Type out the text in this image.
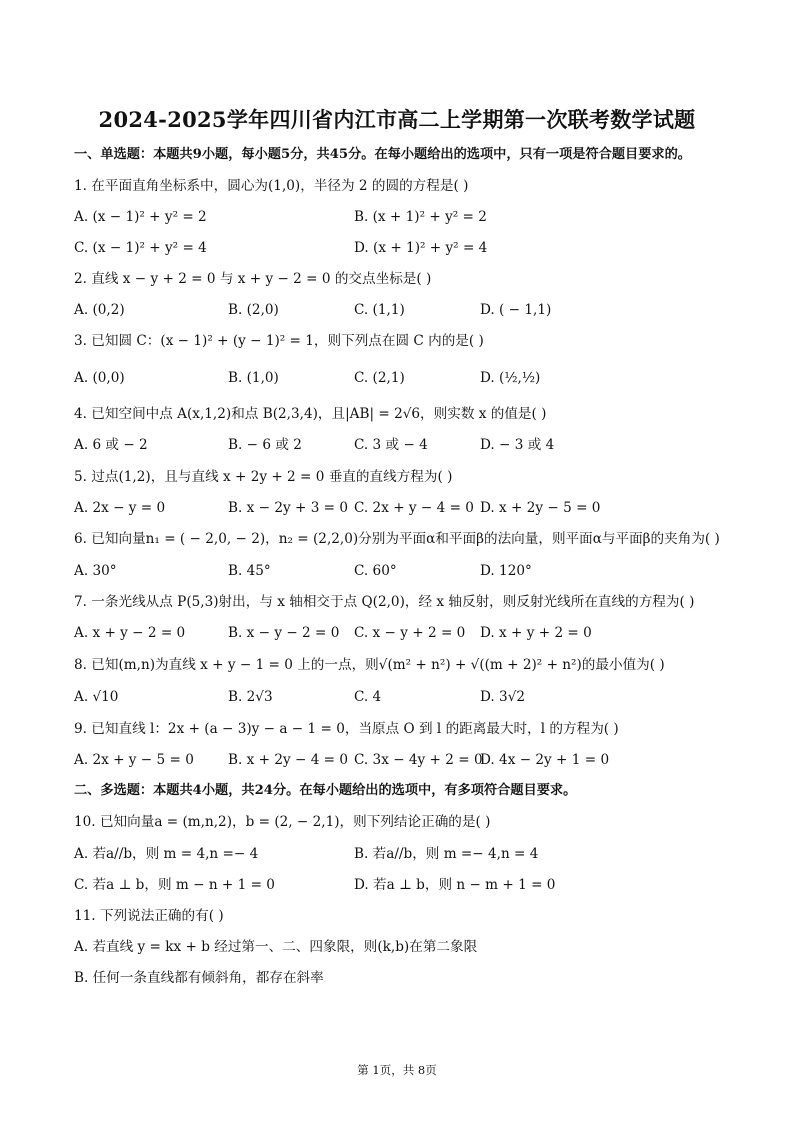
2024-2025学年四川省内江市高二上学期第一次联考数学试题
一、单选题：本题共9小题，每小题5分，共45分。在每小题给出的选项中，只有一项是符合题目要求的。
1. 在平面直角坐标系中，圆心为(1,0)，半径为 2 的圆的方程是( )
A. (x − 1)² + y² = 2	B. (x + 1)² + y² = 2
C. (x − 1)² + y² = 4	D. (x + 1)² + y² = 4
2. 直线 x − y + 2 = 0 与 x + y − 2 = 0 的交点坐标是( )
A. (0,2)	B. (2,0)	C. (1,1)	D. ( − 1,1)
3. 已知圆 C：(x − 1)² + (y − 1)² = 1，则下列点在圆 C 内的是( )
A. (0,0)	B. (1,0)	C. (2,1)	D. (½,½)
4. 已知空间中点 A(x,1,2)和点 B(2,3,4)，且|AB| = 2√6，则实数 x 的值是( )
A. 6 或 − 2	B. − 6 或 2	C. 3 或 − 4	D. − 3 或 4
5. 过点(1,2)，且与直线 x + 2y + 2 = 0 垂直的直线方程为( )
A. 2x − y = 0	B. x − 2y + 3 = 0 C. 2x + y − 4 = 0 D. x + 2y − 5 = 0
6. 已知向量n₁ = ( − 2,0, − 2)，n₂ = (2,2,0)分别为平面α和平面β的法向量，则平面α与平面β的夹角为( )
A. 30°	B. 45°	C. 60°	D. 120°
7. 一条光线从点 P(5,3)射出，与 x 轴相交于点 Q(2,0)，经 x 轴反射，则反射光线所在直线的方程为( )
A. x + y − 2 = 0	B. x − y − 2 = 0 C. x − y + 2 = 0 D. x + y + 2 = 0
8. 已知(m,n)为直线 x + y − 1 = 0 上的一点，则√(m² + n²) + √((m + 2)² + n²)的最小值为( )
A. √10	B. 2√3	C. 4	D. 3√2
9. 已知直线 l：2x + (a − 3)y − a − 1 = 0，当原点 O 到 l 的距离最大时，l 的方程为( )
A. 2x + y − 5 = 0	B. x + 2y − 4 = 0 C. 3x − 4y + 2 = 0
D. 4x − 2y + 1 = 0
二、多选题：本题共4小题，共24分。在每小题给出的选项中，有多项符合题目要求。
10. 已知向量a = (m,n,2)，b = (2, − 2,1)，则下列结论正确的是( )
A. 若a//b，则 m = 4,n =− 4	B. 若a//b，则 m =− 4,n = 4
C. 若a ⊥ b，则 m − n + 1 = 0	D. 若a ⊥ b，则 n − m + 1 = 0
11. 下列说法正确的有( )
A. 若直线 y = kx + b 经过第一、二、四象限，则(k,b)在第二象限
B. 任何一条直线都有倾斜角，都存在斜率
第 1页，共 8页
